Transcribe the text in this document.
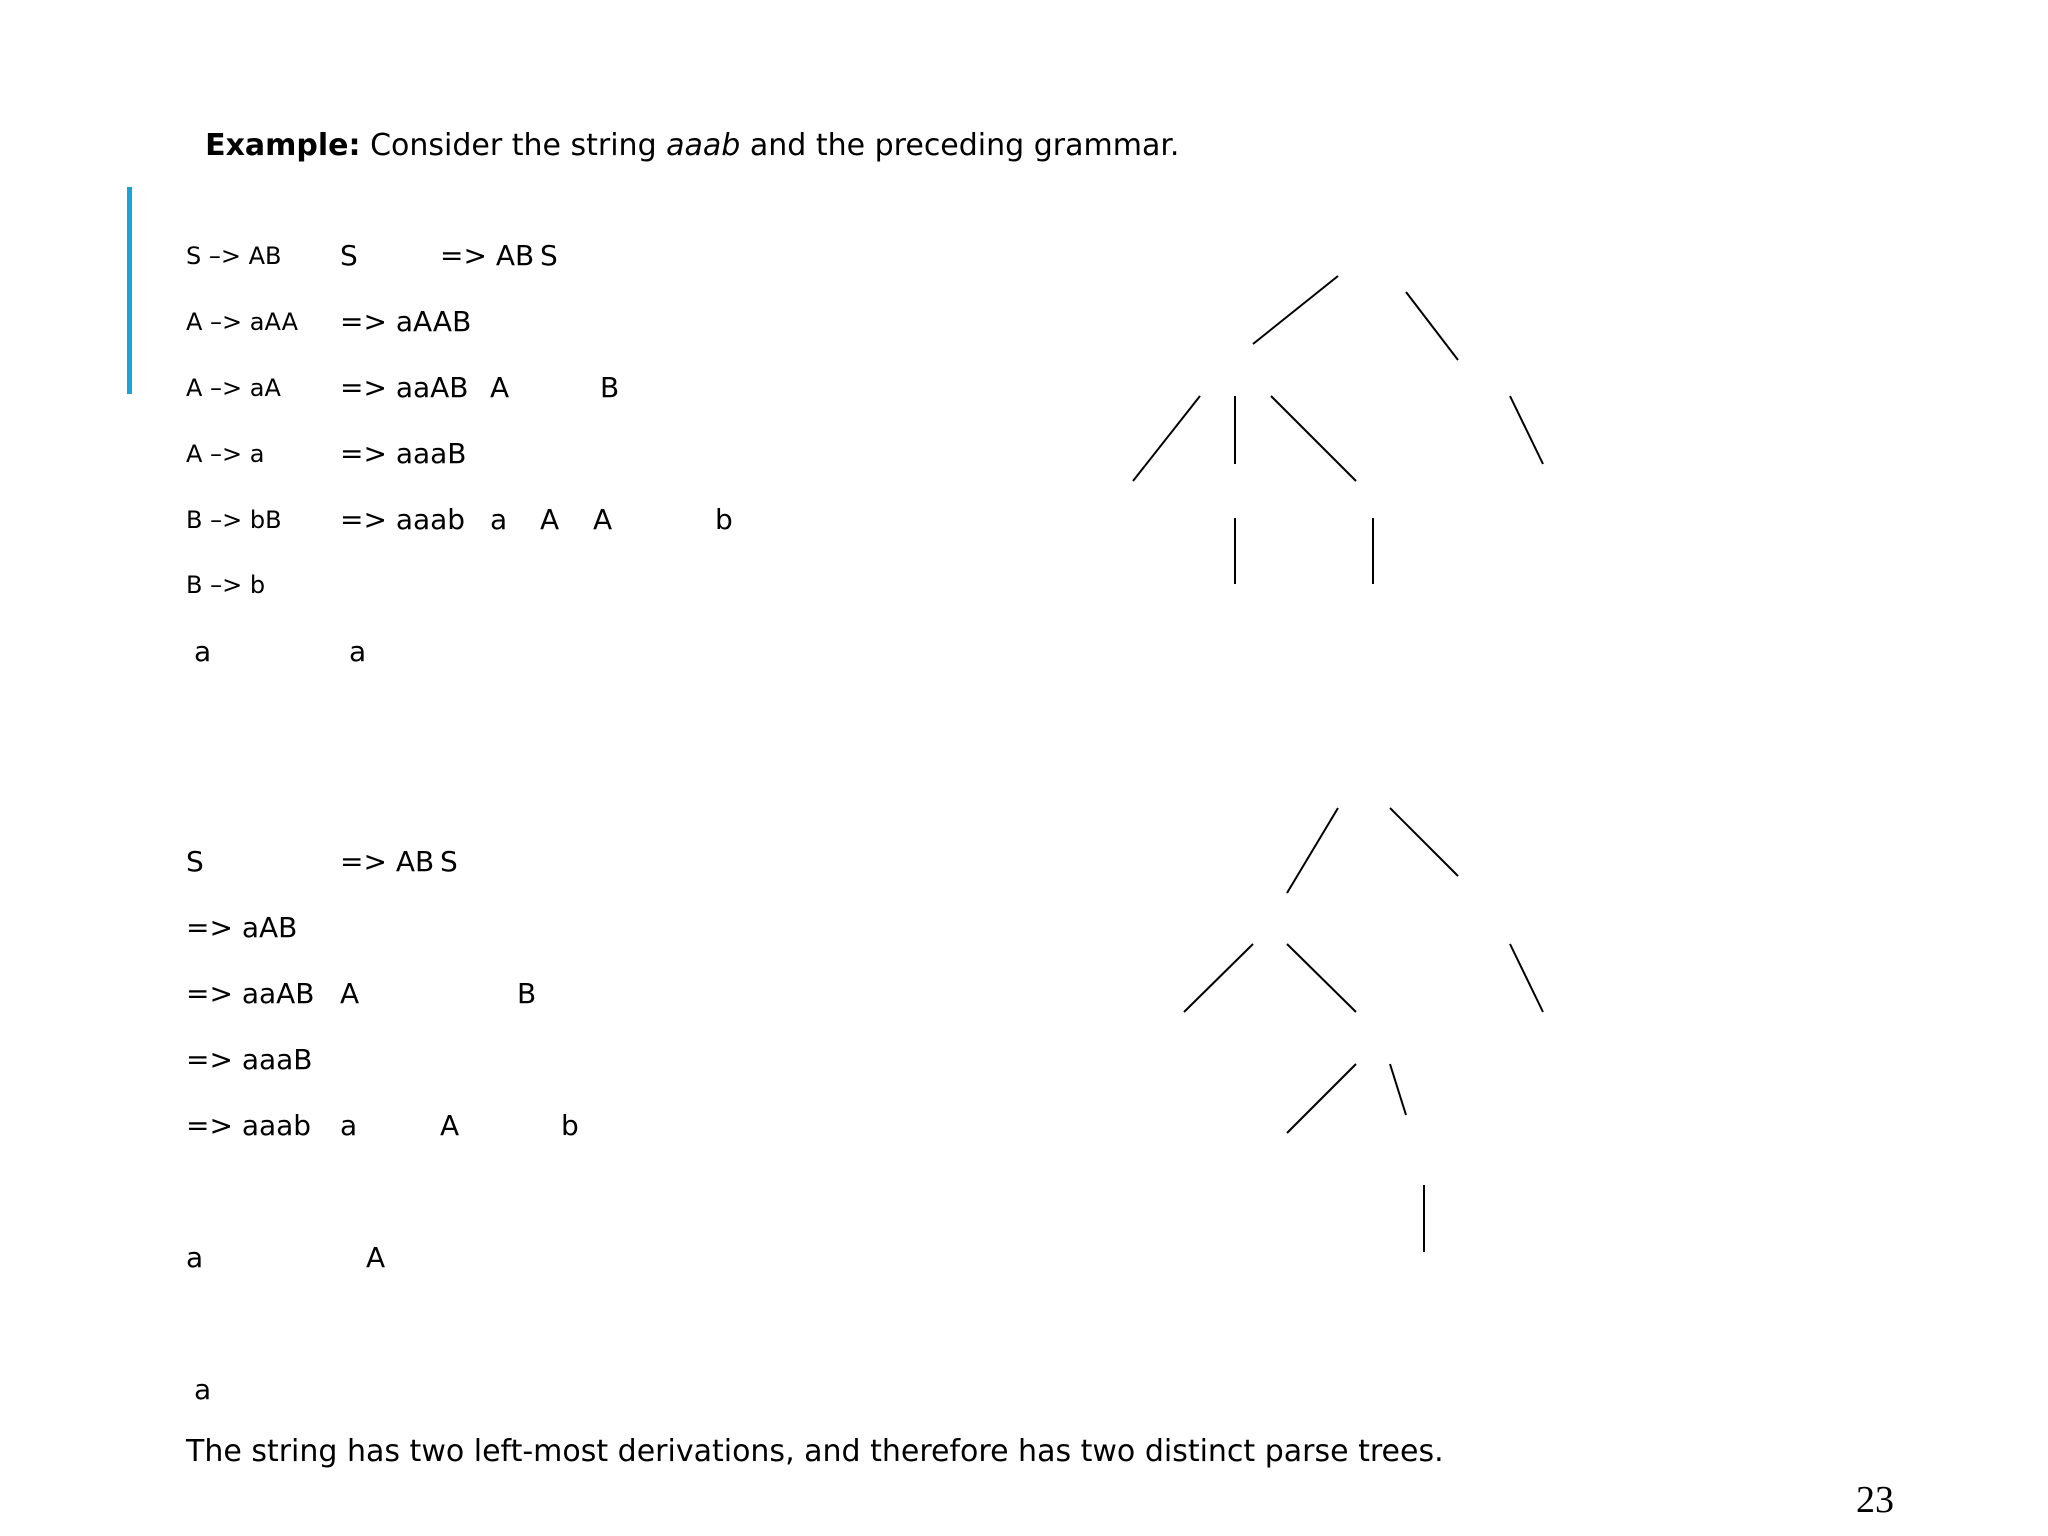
Example: Consider the string aaab and the preceding grammar.

S –> AB
A –> aAA
A –> aA
A –> a
B –> bB
B –> b
S	=> AB
=> aAAB
=> aaAB
=> aaaB
=> aaab
S
A	B
a A A	b
a	a
S	=> AB
=> aAB
=> aaAB
=> aaaB
=> aaab
S
A	B
a	A	b
a	A
a
The string has two left-most derivations, and therefore has two distinct parse trees.
23
